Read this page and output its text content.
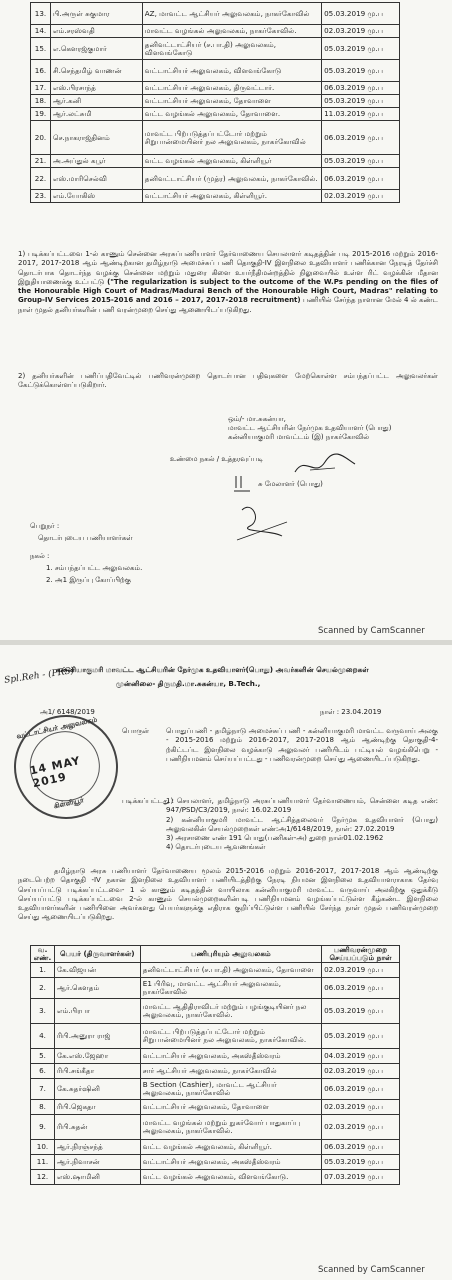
13.	பி.அருள் சுகுமார	AZ, மாவட்ட ஆட்சியர் அலுவலகம், நாகர்கோவில்	05.03.2019 மு.ப
14.	எம்.சரஸ்வதி	மாவட்ட வழங்கல் அலுவலகம், நாகர்கோவில்.	02.03.2019 மு.ப
15.	எ.கௌரஜ்குமார்	தனிவட்டாட்சியர் (ச.பா.தி) அலுவலகம், விளவங்கோடு	05.03.2019 மு.ப
16.	சி.செந்தமிழ் வாணன்	வட்டாட்சியர் அலுவலகம், விளவங்கோடு	05.03.2019 மு.ப
17.	எஸ்.பிரசாந்த்	வட்டாட்சியர் அலுவலகம், திருவட்டார்.	06.03.2019 மு.ப
18.	ஆர்.கனி	வட்டாட்சியர் அலுவலகம், தோவாளை	05.03.2019 மு.ப
19.	ஆர்.லட்சுமி	வட்ட வழங்கல் அலுவலகம், தோவாளை.	11.03.2019 மு.ப
20.	செ.நாகராஜ்தினம்	மாவட்ட பிற்படுத்தப்பட்டோர் மற்றும் சிறுபான்மையினர் நல அலுவலகம், நாகர்கோவில்	06.03.2019 மு.ப
21.	அ.அப்துல் கபூர்	வட்ட வழங்கல் அலுவலகம், கிள்ளியூர்	05.03.2019 மு.ப
22.	எஸ்.மாரிசெல்வி	தனிவட்டாட்சியர் (முத்ர) அலுவலகம், நாகர்கோவில்.	06.03.2019 மு.ப
23.	எம்.யோகிஸ்	வட்டாட்சியர் அலுவலகம், கிள்ளியூர்.	02.03.2019 மு.ப
1) படிக்கப்பட்டவை 1-ல் காணும் சென்னை அரசுப்பணியாளர் தேர்வாணைய செயலாளர் கடிதத்தின் படி 2015-2016 மற்றும் 2016-2017, 2017-2018 ஆம் ஆண்டிற்கான தமிழ்நாடு அமைச்சுப் பணி தொகுதி-IV இளநிலை உதவியாளர் பணிக்கான நேரடித் தேர்ச்சி தொடர்பாக தொடர்ந்த வழக்கு சென்னை மற்றும் மதுரை கிளை உயர்நீதிமன்றத்தில் நிலுவையில் உள்ள ரிட் வழக்கின் மீதான இறுதியாணைக்கு உட்பட்டு ("The regularization is subject to the outcome of the W.Ps pending on the files of the Honourable High Court of Madras/Madurai Bench of the Honourable High Court, Madras" relating to Group-IV Services 2015-2016 and 2016 – 2017, 2017-2018 recruitment) பணியில் சேர்ந்த நாளான மேல் 4 ல் கண்ட நாள் முதல் தனியர்களின் பணி வரன்முறை செய்து ஆணையிடப்படுகிறது.
2) தனியர்களின் பணிப்பதிவேட்டில் பணிவரன்முறை தொடர்பான பதிவுகளை மேற்கொள்ள சம்பந்தப்பட்ட அலுவலர்கள் கேட்டுக்கொள்ளப்படுகிறார்.
ஒம்/- மா.சுகன்யா,
மாவட்ட ஆட்சியரின் நேர்முக உதவியாளர் (பொது)
கன்னியாகுமரி மாவட்டம் (இ) நாகர்கோவில்
உண்மை நகல் / உத்தரவுப்படி
சு மேலாளர் (பொது)
பெறுநர் :
தொடர்புடைய பணியாளர்கள்
நகல் :
1. சம்பந்தப்பட்ட அலுவலகம்.
2. அ1 இருப்பு கோப்பிற்கு
Scanned by CamScanner
Spl.Reh - (PRS)
கன்னியாகுமரி மாவட்ட ஆட்சியரின் நேர்முக உதவியாளர்(பொது) அவர்களின் செயல்முறைகள்
முன்னிலை- திருமதி.மா.சுகன்யா, B.Tech.,
அ1/ 6148/2019	நாள் : 23.04.2019
வட்டாட்சியர் அலுவலகம்
14 MAY 2019
கிள்ளியூர்
பொருள் பொதுப்பணி - தமிழ்நாடு அமைச்சுப் பணி - கன்னியாகுமரி மாவட்ட வருவாய் அலகு - 2015-2016 மற்றும் 2016-2017, 2017-2018 ஆம் ஆண்டிற்கு தொகுதி-4-ற்கிட்டப்ட இளநிலை வழக்காடு அலுவலர் பணியிடம் பட்டியல் வழங்கிபெறு - பணிநியமனம் செய்யப்பட்டது - பணிவரன்முறை செய்து ஆணையிடப்படுகிறது.
படிக்கப்பட்டது :
1) செயலாளர், தமிழ்நாடு அரசுப்பணியாளர் தேர்வாணையம், சென்னை கடித எண்: 947/PSD/C3/2019, நாள்: 16.02.2019
2) கன்னியாகுமரி மாவட்ட ஆட்சித்தலைவர் நேர்முக உதவியாளர் (பொது) அலுவலகின் செயல்முறைகள் எண்:அ1/6148/2019, நாள்: 27.02.2019
3) அரசாணை எண் 191 பொது(பணிகள்-அ) துறை நாள்01.02.1962
4) தொடர்புடைய ஆவணங்கள்
தமிழ்நாடு அரசு பணியாளர் தேர்வாணைய மூலம் 2015-2016 மற்றும் 2016-2017, 2017-2018 ஆம் ஆண்டிற்கு நடைபெற்ற தொகுதி -IV நகான இளநிலை உதவியாளர் பணியிடத்திற்கு நேரடி நியமன இளநிலை உதவியாளராகாக தேர்வு செய்யப்பட்டு படிக்கப்பட்டவை- 1 ல் காணும் கடிதத்தின் வாயிலாக கன்னியாகுமரி மாவட்ட வருவாய் அலகிற்கு ஒதுக்கீடு செய்யப்பட்டு படிக்கப்பட்டவை 2-ல் காணும் செயல்முறைகளின்படி பணிநியமனம் வழங்கப்பட்டுள்ள கீழ்கண்ட இளநிலை உதவியாளர்களின் பணியினை அவர்களது பெயர்களுக்கு எதிராக குறிப்பிட்டுள்ள பணியில் சேர்ந்த நாள் முதல் பணிவரன்முறை செய்து ஆணையிடப்படுகிறது.
வ. எண்.	பெயர் (திருவாளர்கள்)	பணிபுரியும் அலுவலகம்	பணிவரன்முறை செய்யப்படும் நாள்
1.	கே.விஜயன்	தனிவட்டாட்சியர் (ச.பா.தி) அலுவலகம், தோவாளை	02.03.2019 மு.ப
2.	ஆர்.கௌதம்	E1 பிரிவு, மாவட்ட ஆட்சியர் அலுவலகம், நாகர்கோவில்	06.03.2019 மு.ப
3.	எம்.பிரபா	மாவட்ட ஆதிதிராவிடர் மற்றும் பழங்குடியினர் நல அலுவலகம், நாகர்கோவில்.	05.03.2019 மு.ப
4.	ரிபி.அனுரா ராஜ்	மாவட்ட பிற்படுத்தப்பட்டோர் மற்றும் சிறுபான்மையினர் நல அலுவலகம், நாகர்கோவில்.	05.03.2019 மு.ப
5.	கே.எஸ்.ஜேஹா	வட்டாட்சியர் அலுவலகம், அகஸ்தீஸ்வரம்	04.03.2019 மு.ப
6.	ரிபி.சங்கீதா	சார் ஆட்சியர் அலுவலகம், நாகர்கோவில்	02.03.2019 மு.ப
7.	கே.சுதர்ஷினி	B Section (Cashier), மாவட்ட ஆட்சியர் அலுவலகம், நாகர்கோவில்	06.03.2019 மு.ப
8.	ரிபி.ஜெகதா	வட்டாட்சியர் அலுவலகம், தோவாளை	02.03.2019 மு.ப
9.	ரிபி.சுதன்	மாவட்ட வழங்கல் மற்றும் நுகர்வோர் பாதுகாப்பு அலுவலகம், நாகர்கோவில்.	02.03.2019 மு.ப
10.	ஆர்.நிரஞ்சந்த்	வட்ட வழங்கல் அலுவலகம், கிள்ளியூர்.	06.03.2019 மு.ப
11.	ஆர்.நிவாசன்	வட்டாட்சியர் அலுவலகம், அகஸ்தீஸ்வரம்	05.03.2019 மு.ப
12.	எஸ்.ஷாமினி	வட்ட வழங்கல் அலுவலகம், விளவங்கோடு.	07.03.2019 மு.ப
Scanned by CamScanner
